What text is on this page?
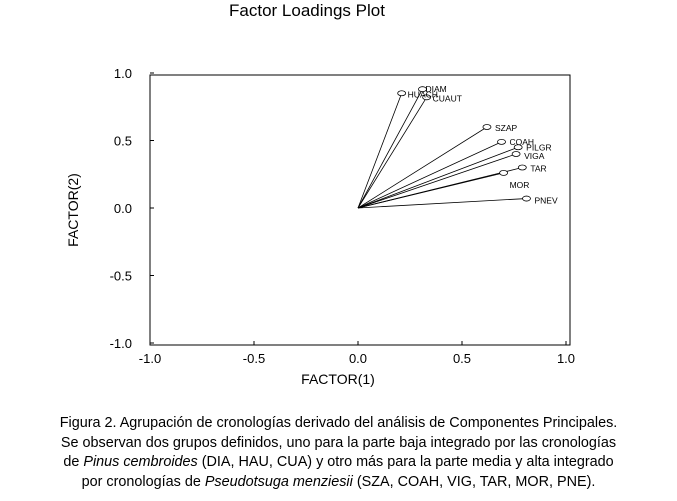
Factor Loadings Plot
-1.0	-0.5	0.0	0.5	1.0
-1.0
-0.5
0.0
0.5
1.0
DIAM
HUACH
CUAUT
SZAP
COAH
PILGR
VIGA
TAR
MOR
PNEV
FACTOR(1)
FACTOR(2)
Figura 2. Agrupación de cronologías derivado del análisis de Componentes Principales.
Se observan dos grupos definidos, uno para la parte baja integrado por las cronologías
de Pinus cembroides (DIA, HAU, CUA) y otro más para la parte media y alta integrado
por cronologías de Pseudotsuga menziesii (SZA, COAH, VIG, TAR, MOR, PNE).
